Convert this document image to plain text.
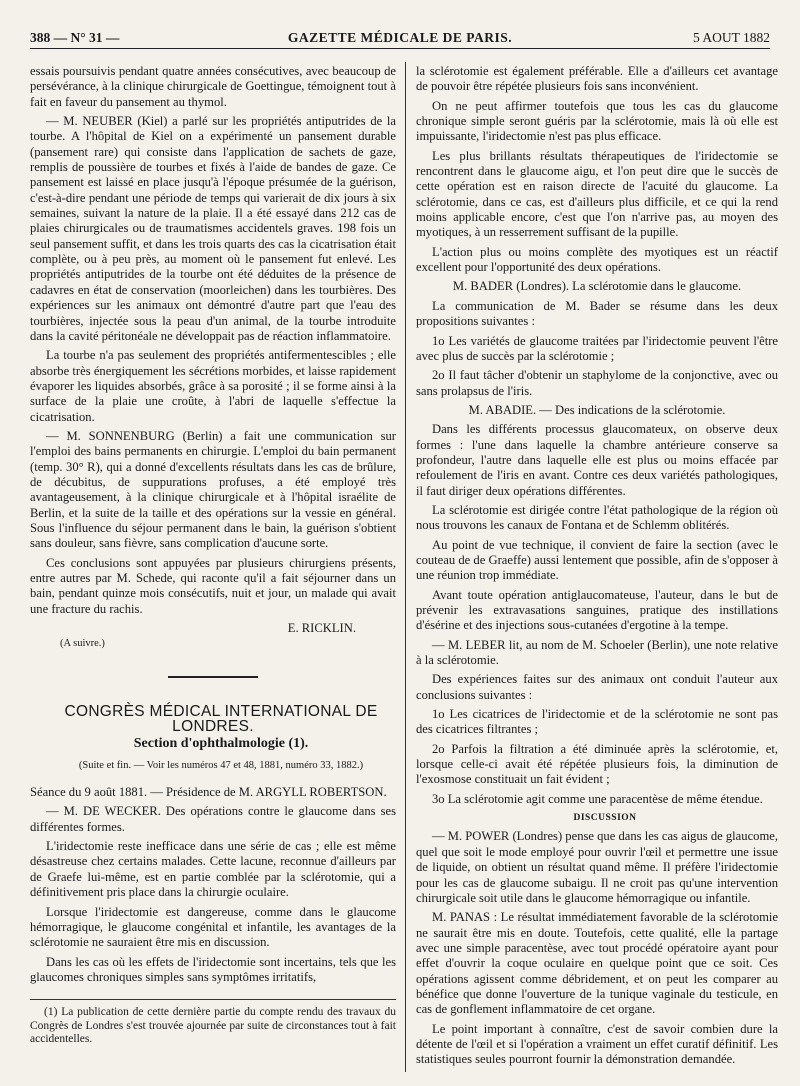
388 — N° 31 —	GAZETTE MÉDICALE DE PARIS.	5 AOUT 1882

essais poursuivis pendant quatre années consécutives, avec beaucoup de persévérance, à la clinique chirurgicale de Goettingue, témoignent tout à fait en faveur du pansement au thymol.

— M. NEUBER (Kiel) a parlé sur les propriétés antiputrides de la tourbe. A l'hôpital de Kiel on a expérimenté un pansement durable (pansement rare) qui consiste dans l'application de sachets de gaze, remplis de poussière de tourbes et fixés à l'aide de bandes de gaze. Ce pansement est laissé en place jusqu'à l'époque présumée de la guérison, c'est-à-dire pendant une période de temps qui varierait de dix jours à six semaines, suivant la nature de la plaie. Il a été essayé dans 212 cas de plaies chirurgicales ou de traumatismes accidentels graves. 198 fois un seul pansement suffit, et dans les trois quarts des cas la cicatrisation était complète, ou à peu près, au moment où le pansement fut enlevé. Les propriétés antiputrides de la tourbe ont été déduites de la présence de cadavres en état de conservation (moorleichen) dans les tourbières. Des expériences sur les animaux ont démontré d'autre part que l'eau des tourbières, injectée sous la peau d'un animal, de la tourbe introduite dans la cavité péritonéale ne développait pas de réaction inflammatoire.

La tourbe n'a pas seulement des propriétés antifermentescibles ; elle absorbe très énergiquement les sécrétions morbides, et laisse rapidement évaporer les liquides absorbés, grâce à sa porosité ; il se forme ainsi à la surface de la plaie une croûte, à l'abri de laquelle s'effectue la cicatrisation.

— M. SONNENBURG (Berlin) a fait une communication sur l'emploi des bains permanents en chirurgie. L'emploi du bain permanent (temp. 30° R), qui a donné d'excellents résultats dans les cas de brûlure, de décubitus, de suppurations profuses, a été employé très avantageusement, à la clinique chirurgicale et à l'hôpital israélite de Berlin, et la suite de la taille et des opérations sur la vessie en général. Sous l'influence du séjour permanent dans le bain, la guérison s'obtient sans douleur, sans fièvre, sans complication d'aucune sorte.

Ces conclusions sont appuyées par plusieurs chirurgiens présents, entre autres par M. Schede, qui raconte qu'il a fait séjourner dans un bain, pendant quinze mois consécutifs, nuit et jour, un malade qui avait une fracture du rachis.

E. RICKLIN.

(A suivre.)

CONGRÈS MÉDICAL INTERNATIONAL DE LONDRES.

Section d'ophthalmologie (1).

(Suite et fin. — Voir les numéros 47 et 48, 1881, numéro 33, 1882.)

Séance du 9 août 1881. — Présidence de M. ARGYLL ROBERTSON.

— M. DE WECKER. Des opérations contre le glaucome dans ses différentes formes.

L'iridectomie reste inefficace dans une série de cas ; elle est même désastreuse chez certains malades. Cette lacune, reconnue d'ailleurs par de Graefe lui-même, est en partie comblée par la sclérotomie, qui a définitivement pris place dans la chirurgie oculaire.

Lorsque l'iridectomie est dangereuse, comme dans le glaucome hémorragique, le glaucome congénital et infantile, les avantages de la sclérotomie ne sauraient être mis en discussion.

Dans les cas où les effets de l'iridectomie sont incertains, tels que les glaucomes chroniques simples sans symptômes irritatifs,

(1) La publication de cette dernière partie du compte rendu des travaux du Congrès de Londres s'est trouvée ajournée par suite de circonstances tout à fait accidentelles.

la sclérotomie est également préférable. Elle a d'ailleurs cet avantage de pouvoir être répétée plusieurs fois sans inconvénient.

On ne peut affirmer toutefois que tous les cas du glaucome chronique simple seront guéris par la sclérotomie, mais là où elle est impuissante, l'iridectomie n'est pas plus efficace.

Les plus brillants résultats thérapeutiques de l'iridectomie se rencontrent dans le glaucome aigu, et l'on peut dire que le succès de cette opération est en raison directe de l'acuité du glaucome. La sclérotomie, dans ce cas, est d'ailleurs plus difficile, et ce qui la rend moins applicable encore, c'est que l'on n'arrive pas, au moyen des myotiques, à un resserrement suffisant de la pupille.

L'action plus ou moins complète des myotiques est un réactif excellent pour l'opportunité des deux opérations.

M. BADER (Londres). La sclérotomie dans le glaucome.

La communication de M. Bader se résume dans les deux propositions suivantes :

1o Les variétés de glaucome traitées par l'iridectomie peuvent l'être avec plus de succès par la sclérotomie ;

2o Il faut tâcher d'obtenir un staphylome de la conjonctive, avec ou sans prolapsus de l'iris.

M. ABADIE. — Des indications de la sclérotomie.

Dans les différents processus glaucomateux, on observe deux formes : l'une dans laquelle la chambre antérieure conserve sa profondeur, l'autre dans laquelle elle est plus ou moins effacée par refoulement de l'iris en avant. Contre ces deux variétés pathologiques, il faut diriger deux opérations différentes.

La sclérotomie est dirigée contre l'état pathologique de la région où nous trouvons les canaux de Fontana et de Schlemm oblitérés.

Au point de vue technique, il convient de faire la section (avec le couteau de de Graeffe) aussi lentement que possible, afin de s'opposer à une réunion trop immédiate.

Avant toute opération antiglaucomateuse, l'auteur, dans le but de prévenir les extravasations sanguines, pratique des instillations d'ésérine et des injections sous-cutanées d'ergotine à la tempe.

— M. LEBER lit, au nom de M. Schoeler (Berlin), une note relative à la sclérotomie.

Des expériences faites sur des animaux ont conduit l'auteur aux conclusions suivantes :

1o Les cicatrices de l'iridectomie et de la sclérotomie ne sont pas des cicatrices filtrantes ;

2o Parfois la filtration a été diminuée après la sclérotomie, et, lorsque celle-ci avait été répétée plusieurs fois, la diminution de l'exosmose constituait un fait évident ;

3o La sclérotomie agit comme une paracentèse de même étendue.

DISCUSSION

— M. POWER (Londres) pense que dans les cas aigus de glaucome, quel que soit le mode employé pour ouvrir l'œil et permettre une issue de liquide, on obtient un résultat quand même. Il préfère l'iridectomie pour les cas de glaucome subaigu. Il ne croit pas qu'une intervention chirurgicale soit utile dans le glaucome hémorragique ou infantile.

M. PANAS : Le résultat immédiatement favorable de la sclérotomie ne saurait être mis en doute. Toutefois, cette qualité, elle la partage avec une simple paracentèse, avec tout procédé opératoire ayant pour effet d'ouvrir la coque oculaire en quelque point que ce soit. Ces opérations agissent comme débridement, et on peut les comparer au bénéfice que donne l'ouverture de la tunique vaginale du testicule, en cas de gonflement inflammatoire de cet organe.

Le point important à connaître, c'est de savoir combien dure la détente de l'œil et si l'opération a vraiment un effet curatif définitif. Les statistiques seules pourront fournir la démonstration demandée.
